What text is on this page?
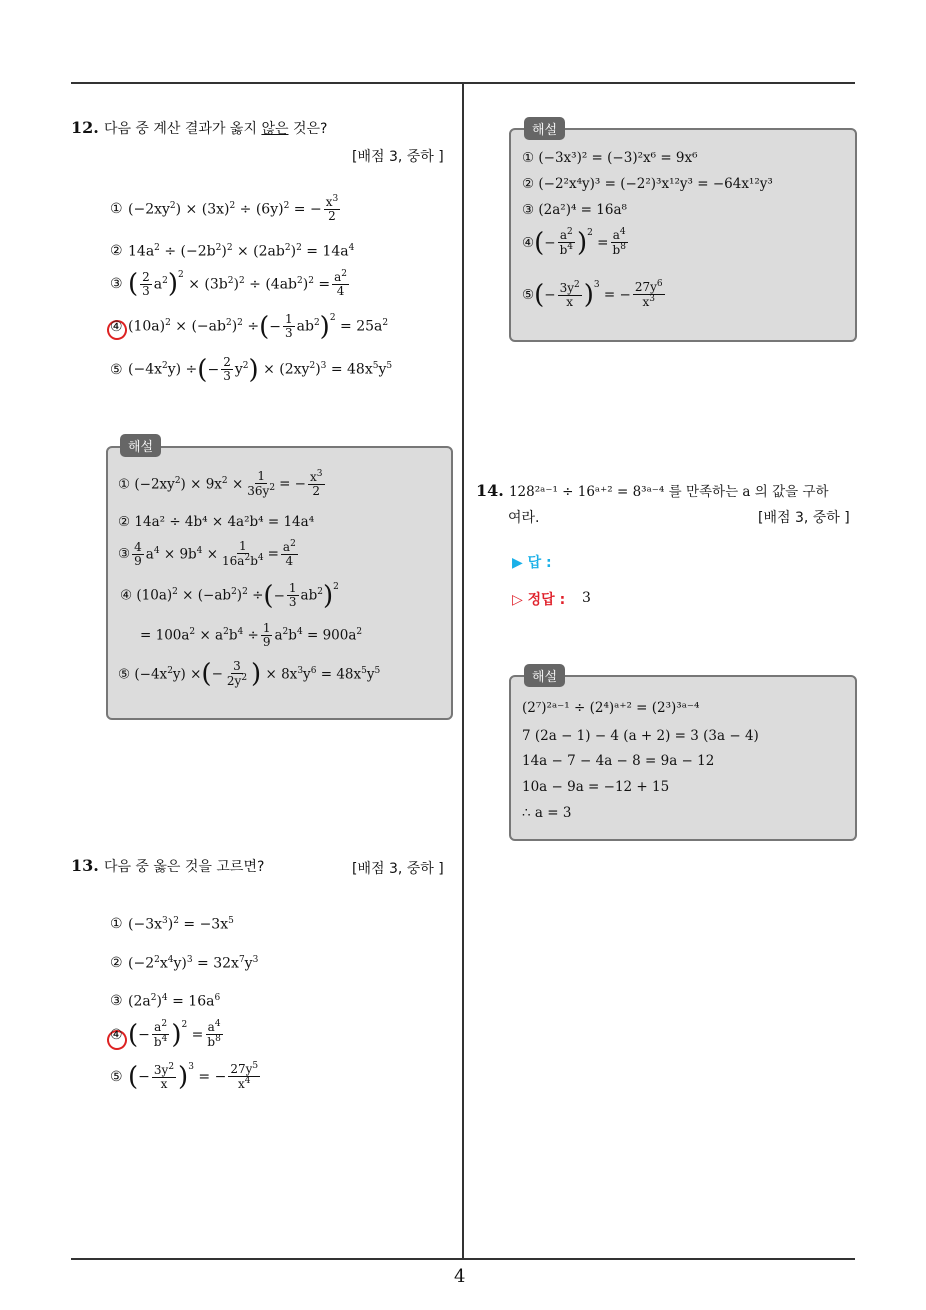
12. 다음 중 계산 결과가 옳지 않은 것은?
[배점 3, 중하 ]
① $(-2xy^2) \times (3x)^2 \div (6y)^2$ = − $\frac{x^3}{2}$
② $14a^2 \div (-2b^2)^2 \times (2ab^2)^2 = 14a^4$
③ ( $\frac{2}{3} a^2$ )$^2$
× $(3b^2)^2 \div (4ab^2)^2 = \frac{a^2}{4}$
④ $(10a)^2 \times (-ab^2)^2$ ÷ ( − $\frac{1}{3} ab^2$ )$^2$
= $25a^2$
⑤ $(-4x^2y)$ ÷ ( − $\frac{2}{3} y^2$ ) × $(2xy^2)^3 = 48x^5y^5$
해설
① $(-2xy^2) \times 9x^2 \times \frac{1}{36y^2}$ = − $\frac{x^3}{2}$
② 14a² ÷ 4b⁴ × 4a²b⁴ = 14a⁴
③ $\frac{4}{9} a^4 \times 9b^4 \times \frac{1}{16a^2b^4} = \frac{a^2}{4}$
④ $(10a)^2 \times (-ab^2)^2$ ÷ ( − $\frac{1}{3} ab^2$ )$^2$
= $100a^2 \times a^2b^4 \div \frac{1}{9} a^2b^4 = 900a^2$
⑤ $(-4x^2y)$ × ( − $\frac{3}{2y^2}$ ) × $8x^3y^6 = 48x^5y^5$
13. 다음 중 옳은 것을 고르면?	[배점 3, 중하 ]
① $(-3x^3)^2 = -3x^5$
② $(-2^2x^4y)^3 = 32x^7y^3$
③ $(2a^2)^4 = 16a^6$
④ ( − $\frac{a^2}{b^4} )^2$
= $\frac{a^4}{b^8}$
⑤ ( − $\frac{3y^2}{x} )^3$
= − $\frac{27y^5}{x^4}$
해설
① (−3x³)² = (−3)²x⁶ = 9x⁶
② (−2²x⁴y)³ = (−2²)³x¹²y³ = −64x¹²y³
③ (2a²)⁴ = 16a⁸
④ ( − $\frac{a^2}{b^4} )^2$
= $\frac{a^4}{b^8}$
⑤ ( − $\frac{3y^2}{x} )^3$
= − $\frac{27y^6}{x^3}$
14. 128²ᵃ⁻¹ ÷ 16ᵃ⁺² = 8³ᵃ⁻⁴ 를 만족하는 a 의 값을 구하
여라.	[배점 3, 중하 ]
▶ 답 :
▷ 정답 : 3
해설
(2⁷)²ᵃ⁻¹ ÷ (2⁴)ᵃ⁺² = (2³)³ᵃ⁻⁴
7 (2a − 1) − 4 (a + 2) = 3 (3a − 4)
14a − 7 − 4a − 8 = 9a − 12
10a − 9a = −12 + 15
∴ a = 3
4
